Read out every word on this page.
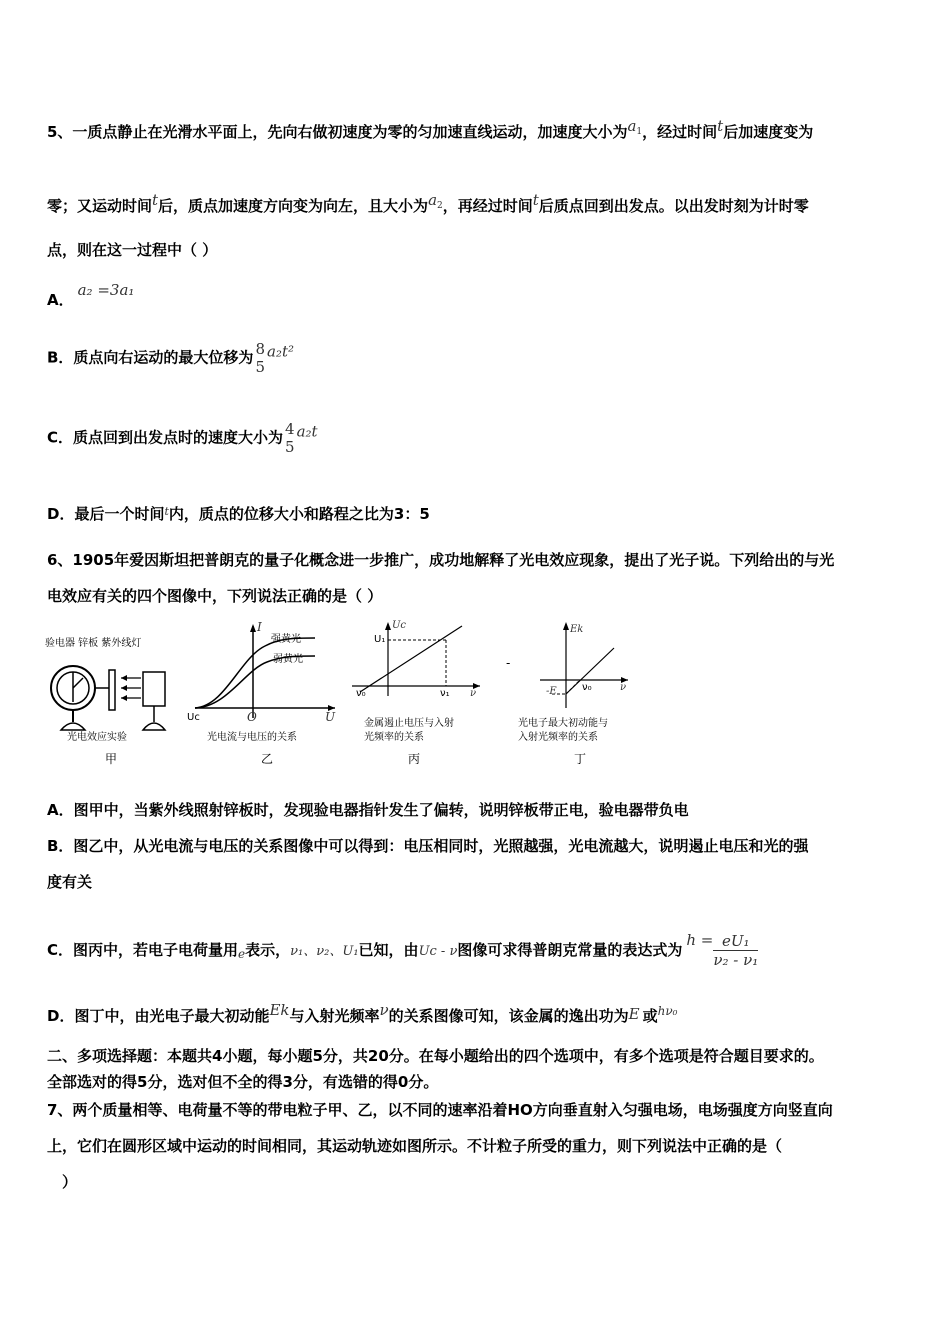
5、一质点静止在光滑水平面上，先向右做初速度为零的匀加速直线运动，加速度大小为$a_1$，经过时间t后加速度变为
零；又运动时间t后，质点加速度方向变为向左，且大小为$a_2$，再经过时间t后质点回到出发点。以出发时刻为计时零
点，则在这一过程中（ ）
A．a₂ =3a₁
B．质点向右运动的最大位移为 8
5
a₂t²
C．质点回到出发点时的速度大小为 4
5
a₂t
D．最后一个时间$^t$内，质点的位移大小和路程之比为3：5
6、1905年爱因斯坦把普朗克的量子化概念进一步推广，成功地解释了光电效应现象，提出了光子说。下列给出的与光
电效应有关的四个图像中，下列说法正确的是（ ）
验电器 锌板 紫外线灯
光电效应实验
甲
I
强黄光
弱黄光
Uc	O	U
光电流与电压的关系
乙
Uc
U₁
ν₀	ν₁ ν
金属遏止电压与入射
光频率的关系
丙
-
Ek
-E	ν₀	ν
光电子最大初动能与
入射光频率的关系
丁
A．图甲中，当紫外线照射锌板时，发现验电器指针发生了偏转，说明锌板带正电，验电器带负电
B．图乙中，从光电流与电压的关系图像中可以得到：电压相同时，光照越强，光电流越大，说明遏止电压和光的强
度有关
C．图丙中，若电子电荷量用$_e$表示，ν₁、ν₂、U₁已知，由Uc - ν图像可求得普朗克常量的表达式为$h = \frac{\text{eU₁}}{\text{ν₂ - ν₁}}$
D．图丁中，由光电子最大初动能Ek与入射光频率ν的关系图像可知，该金属的逸出功为E 或$^{h\nu_0}$
二、多项选择题：本题共4小题，每小题5分，共20分。在每小题给出的四个选项中，有多个选项是符合题目要求的。
全部选对的得5分，选对但不全的得3分，有选错的得0分。
7、两个质量相等、电荷量不等的带电粒子甲、乙，以不同的速率沿着HO方向垂直射入匀强电场，电场强度方向竖直向
上，它们在圆形区域中运动的时间相同，其运动轨迹如图所示。不计粒子所受的重力，则下列说法中正确的是（
）
